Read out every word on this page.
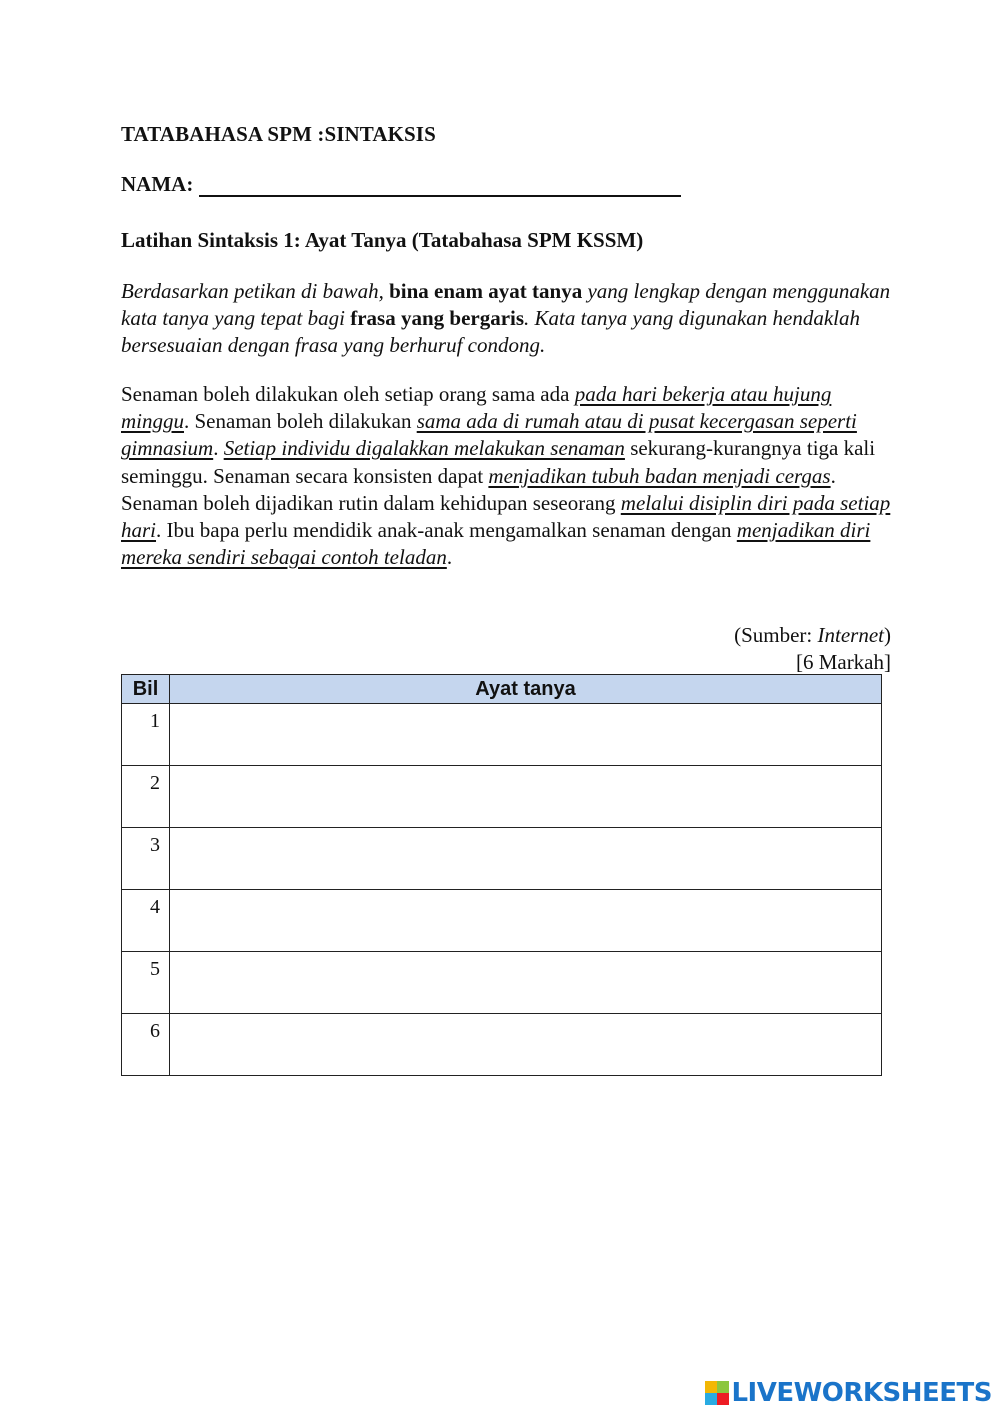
TATABAHASA SPM :SINTAKSIS
NAMA:
Latihan Sintaksis 1: Ayat Tanya (Tatabahasa SPM KSSM)
Berdasarkan petikan di bawah, bina enam ayat tanya yang lengkap dengan menggunakan kata tanya yang tepat bagi frasa yang bergaris. Kata tanya yang digunakan hendaklah bersesuaian dengan frasa yang berhuruf condong.
Senaman boleh dilakukan oleh setiap orang sama ada pada hari bekerja atau hujung minggu. Senaman boleh dilakukan sama ada di rumah atau di pusat kecergasan seperti gimnasium. Setiap individu digalakkan melakukan senaman sekurang-kurangnya tiga kali seminggu. Senaman secara konsisten dapat menjadikan tubuh badan menjadi cergas. Senaman boleh dijadikan rutin dalam kehidupan seseorang melalui disiplin diri pada setiap hari. Ibu bapa perlu mendidik anak-anak mengamalkan senaman dengan menjadikan diri mereka sendiri sebagai contoh teladan.
(Sumber: Internet)
[6 Markah]
Bil	Ayat tanya
1	
2	
3	
4	
5	
6	
LIVEWORKSHEETS
